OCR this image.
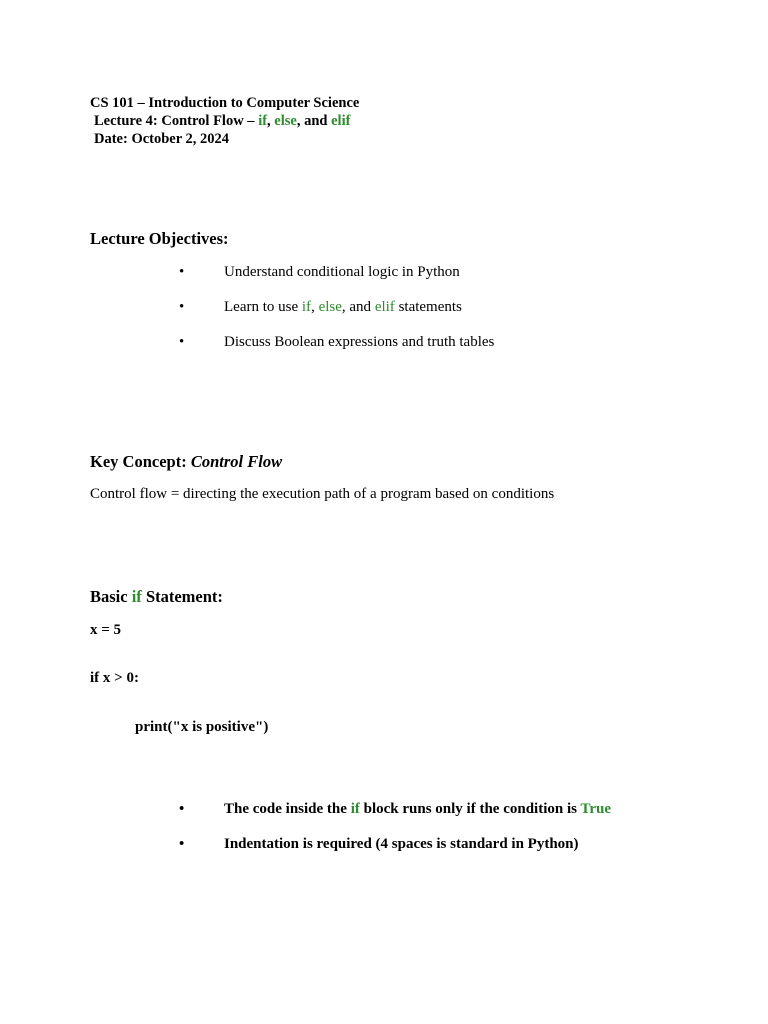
CS 101 – Introduction to Computer Science
Lecture 4: Control Flow – if, else, and elif
Date: October 2, 2024
Lecture Objectives:
•	Understand conditional logic in Python
•	Learn to use if, else, and elif statements
•	Discuss Boolean expressions and truth tables
Key Concept: Control Flow
Control flow = directing the execution path of a program based on conditions
Basic if Statement:
x = 5
if x > 0:
print("x is positive")
•	The code inside the if block runs only if the condition is True
•	Indentation is required (4 spaces is standard in Python)
